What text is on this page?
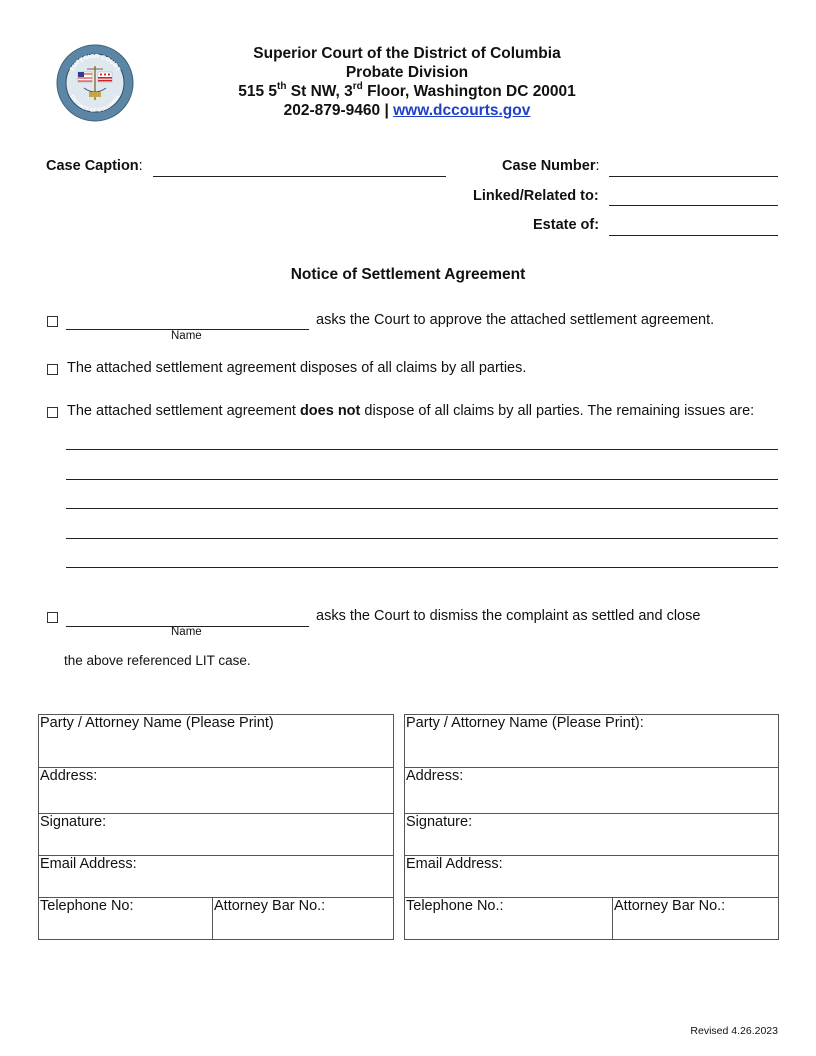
SUPERIOR COURT
DISTRICT OF COLUMBIA
Superior Court of the District of Columbia
Probate Division
515 5th St NW, 3rd Floor, Washington DC 20001
202-879-9460 | www.dccourts.gov
Case Caption:	Case Number:
Linked/Related to:
Estate of:
Notice of Settlement Agreement
Name
asks the Court to approve the attached settlement agreement.
The attached settlement agreement disposes of all claims by all parties.
The attached settlement agreement does not dispose of all claims by all parties. The remaining issues are:
Name
asks the Court to dismiss the complaint as settled and close
the above referenced LIT case.
Party / Attorney Name (Please Print)
Address:
Signature:
Email Address:
Telephone No:	Attorney Bar No.:
Party / Attorney Name (Please Print):
Address:
Signature:
Email Address:
Telephone No.:	Attorney Bar No.:
Revised 4.26.2023
